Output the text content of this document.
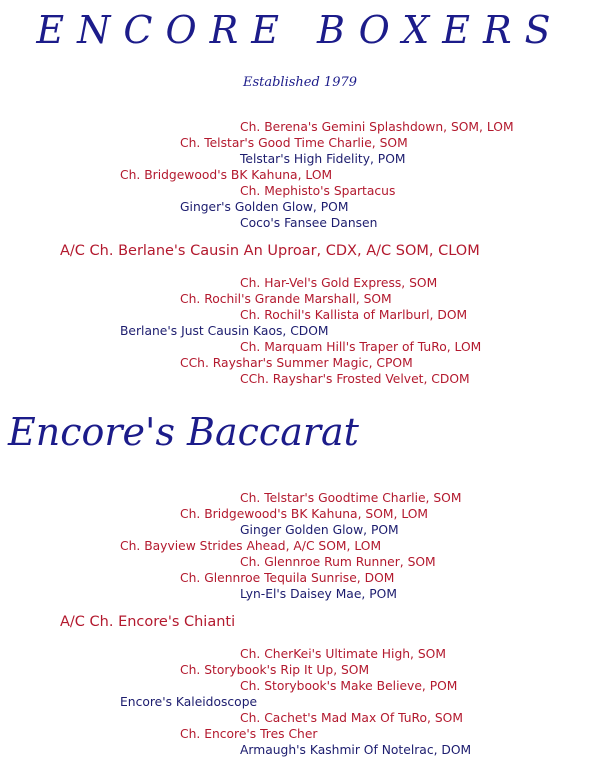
ENCORE BOXERS
Established 1979
Ch. Berena's Gemini Splashdown, SOM, LOM
Ch. Telstar's Good Time Charlie, SOM
Telstar's High Fidelity, POM
Ch. Bridgewood's BK Kahuna, LOM
Ch. Mephisto's Spartacus
Ginger's Golden Glow, POM
Coco's Fansee Dansen
A/C Ch. Berlane's Causin An Uproar, CDX, A/C SOM, CLOM
Ch. Har-Vel's Gold Express, SOM
Ch. Rochil's Grande Marshall, SOM
Ch. Rochil's Kallista of Marlburl, DOM
Berlane's Just Causin Kaos, CDOM
Ch. Marquam Hill's Traper of TuRo, LOM
CCh. Rayshar's Summer Magic, CPOM
CCh. Rayshar's Frosted Velvet, CDOM
Encore's Baccarat
Ch. Telstar's Goodtime Charlie, SOM
Ch. Bridgewood's BK Kahuna, SOM, LOM
Ginger Golden Glow, POM
Ch. Bayview Strides Ahead, A/C SOM, LOM
Ch. Glennroe Rum Runner, SOM
Ch. Glennroe Tequila Sunrise, DOM
Lyn-El's Daisey Mae, POM
A/C Ch. Encore's Chianti
Ch. CherKei's Ultimate High, SOM
Ch. Storybook's Rip It Up, SOM
Ch. Storybook's Make Believe, POM
Encore's Kaleidoscope
Ch. Cachet's Mad Max Of TuRo, SOM
Ch. Encore's Tres Cher
Armaugh's Kashmir Of Notelrac, DOM
